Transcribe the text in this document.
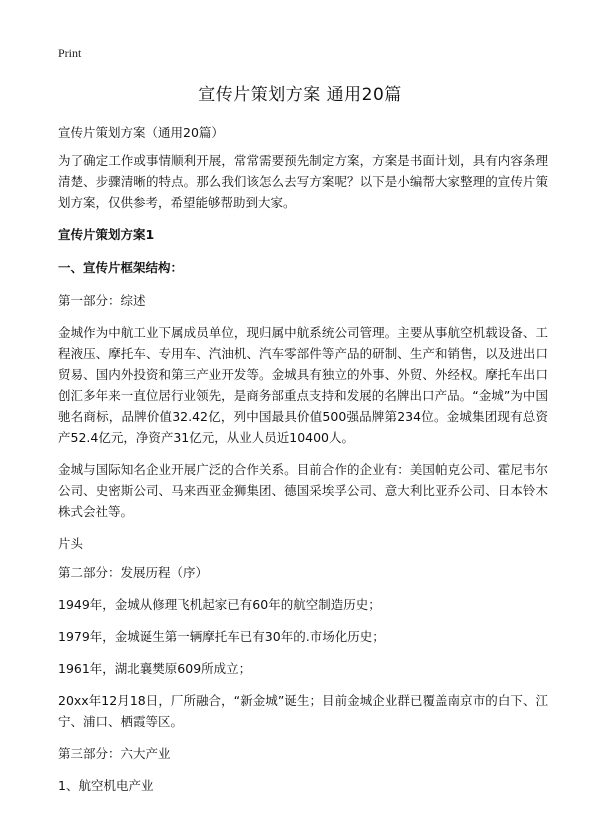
Print
宣传片策划方案 通用20篇

宣传片策划方案（通用20篇）

为了确定工作或事情顺利开展，常常需要预先制定方案，方案是书面计划，具有内容条理清楚、步骤清晰的特点。那么我们该怎么去写方案呢？以下是小编帮大家整理的宣传片策划方案，仅供参考，希望能够帮助到大家。

宣传片策划方案1
一、宣传片框架结构：

第一部分：综述

金城作为中航工业下属成员单位，现归属中航系统公司管理。主要从事航空机载设备、工程液压、摩托车、专用车、汽油机、汽车零部件等产品的研制、生产和销售，以及进出口贸易、国内外投资和第三产业开发等。金城具有独立的外事、外贸、外经权。摩托车出口创汇多年来一直位居行业领先，是商务部重点支持和发展的名牌出口产品。“金城”为中国驰名商标，品牌价值32.42亿，列中国最具价值500强品牌第234位。金城集团现有总资产52.4亿元，净资产31亿元，从业人员近10400人。

金城与国际知名企业开展广泛的合作关系。目前合作的企业有：美国帕克公司、霍尼韦尔公司、史密斯公司、马来西亚金狮集团、德国采埃孚公司、意大利比亚乔公司、日本铃木株式会社等。

片头

第二部分：发展历程（序）

1949年，金城从修理飞机起家已有60年的航空制造历史；

1979年，金城诞生第一辆摩托车已有30年的.市场化历史；

1961年，湖北襄樊原609所成立；

20xx年12月18日，厂所融合，“新金城”诞生；目前金城企业群已覆盖南京市的白下、江宁、浦口、栖霞等区。

第三部分：六大产业

1、航空机电产业
